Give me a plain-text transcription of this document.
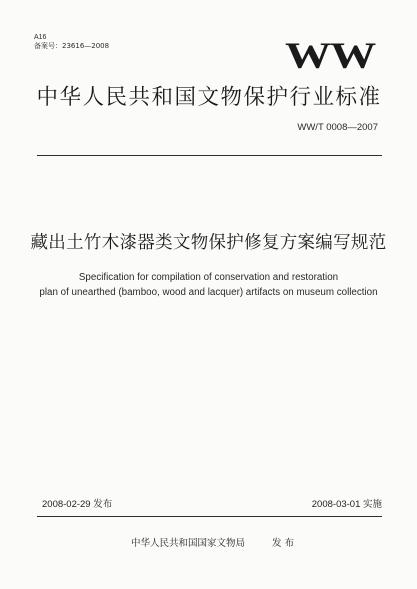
A16
备案号：23616—2008	WW
中华人民共和国文物保护行业标准
WW/T 0008—2007
藏出土竹木漆器类文物保护修复方案编写规范
Specification for compilation of conservation and restoration
plan of unearthed (bamboo, wood and lacquer) artifacts on museum collection
2008-02-29 发布	2008-03-01 实施
中华人民共和国国家文物局	发布
